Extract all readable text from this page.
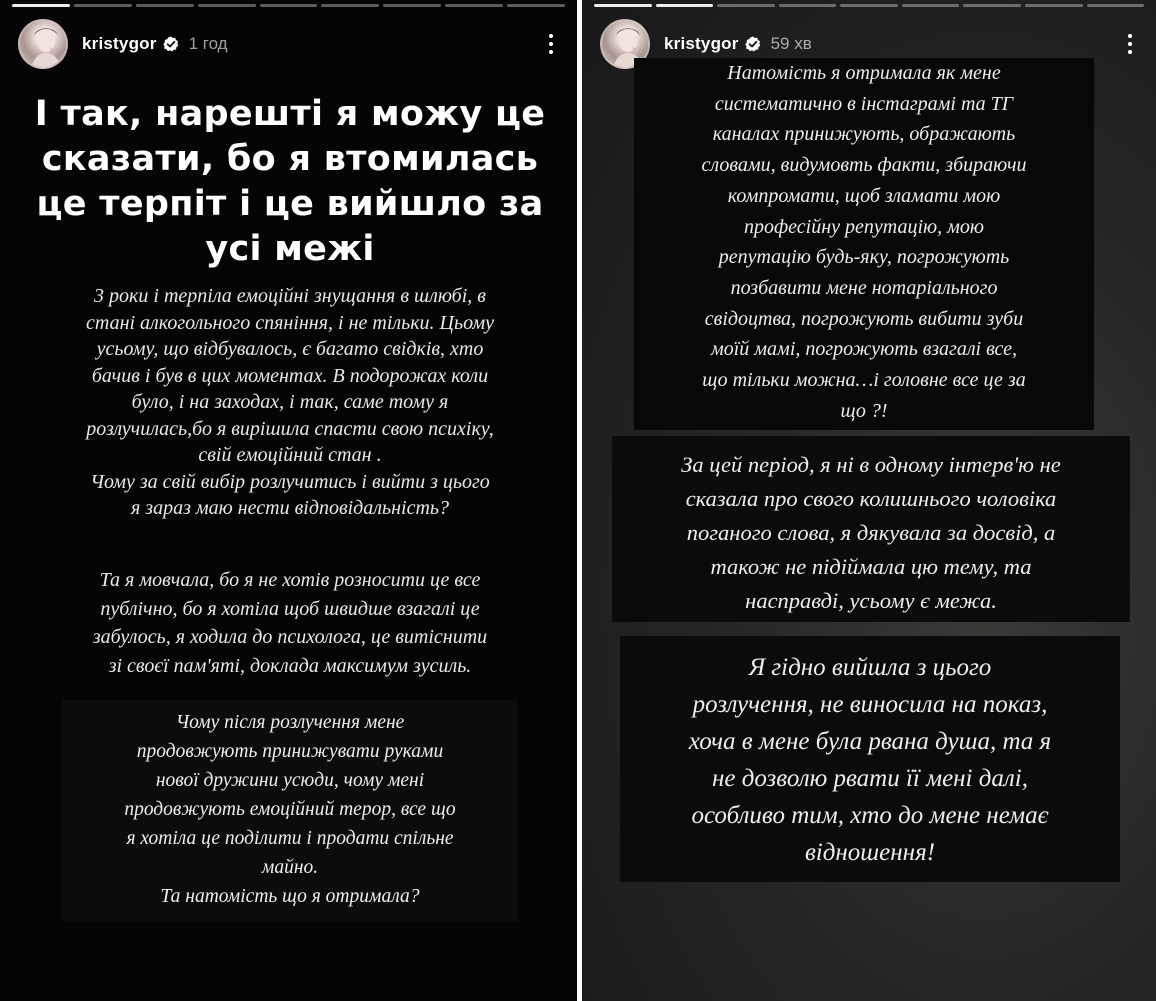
kristygor 1 год
І так, нарешті я можу це сказати, бо я втомилась це терпіт і це вийшло за усі межі
3 роки і терпіла емоційні знущання в шлюбі, в
стані алкогольного спяніння, і не тільки. Цьому
усьому, що відбувалось, є багато свідків, хто
бачив і був в цих моментах. В подорожах коли
було, і на заходах, і так, саме тому я
розлучилась,бо я вирішила спасти свою психіку,
свій емоційний стан .
Чому за свій вибір розлучитись і вийти з цього
я зараз маю нести відповідальність?
Та я мовчала, бо я не хотів розносити це все
публічно, бо я хотіла щоб швидше взагалі це
забулось, я ходила до психолога, це витіснити
зі своєї пам'яті, доклада максимум зусиль.
Чому після розлучення мене
продовжують принижувати руками
нової дружини усюди, чому мені
продовжують емоційний терор, все що
я хотіла це поділити і продати спільне
майно.
Та натомість що я отримала?
kristygor 59 хв
Натомість я отримала як мене
систематично в інстаграмі та ТГ
каналах принижують, ображають
словами, видумовть факти, збираючи
компромати, щоб зламати мою
професійну репутацію, мою
репутацію будь-яку, погрожують
позбавити мене нотаріального
свідоцтва, погрожують вибити зуби
моїй мамі, погрожують взагалі все,
що тільки можна…і головне все це за
що ?!
За цей період, я ні в одному інтерв'ю не
сказала про свого колишнього чоловіка
поганого слова, я дякувала за досвід, а
також не підіймала цю тему, та
насправді, усьому є межа.
Я гідно вийшла з цього
розлучення, не виносила на показ,
хоча в мене була рвана душа, та я
не дозволю рвати її мені далі,
особливо тим, хто до мене немає
відношення!
